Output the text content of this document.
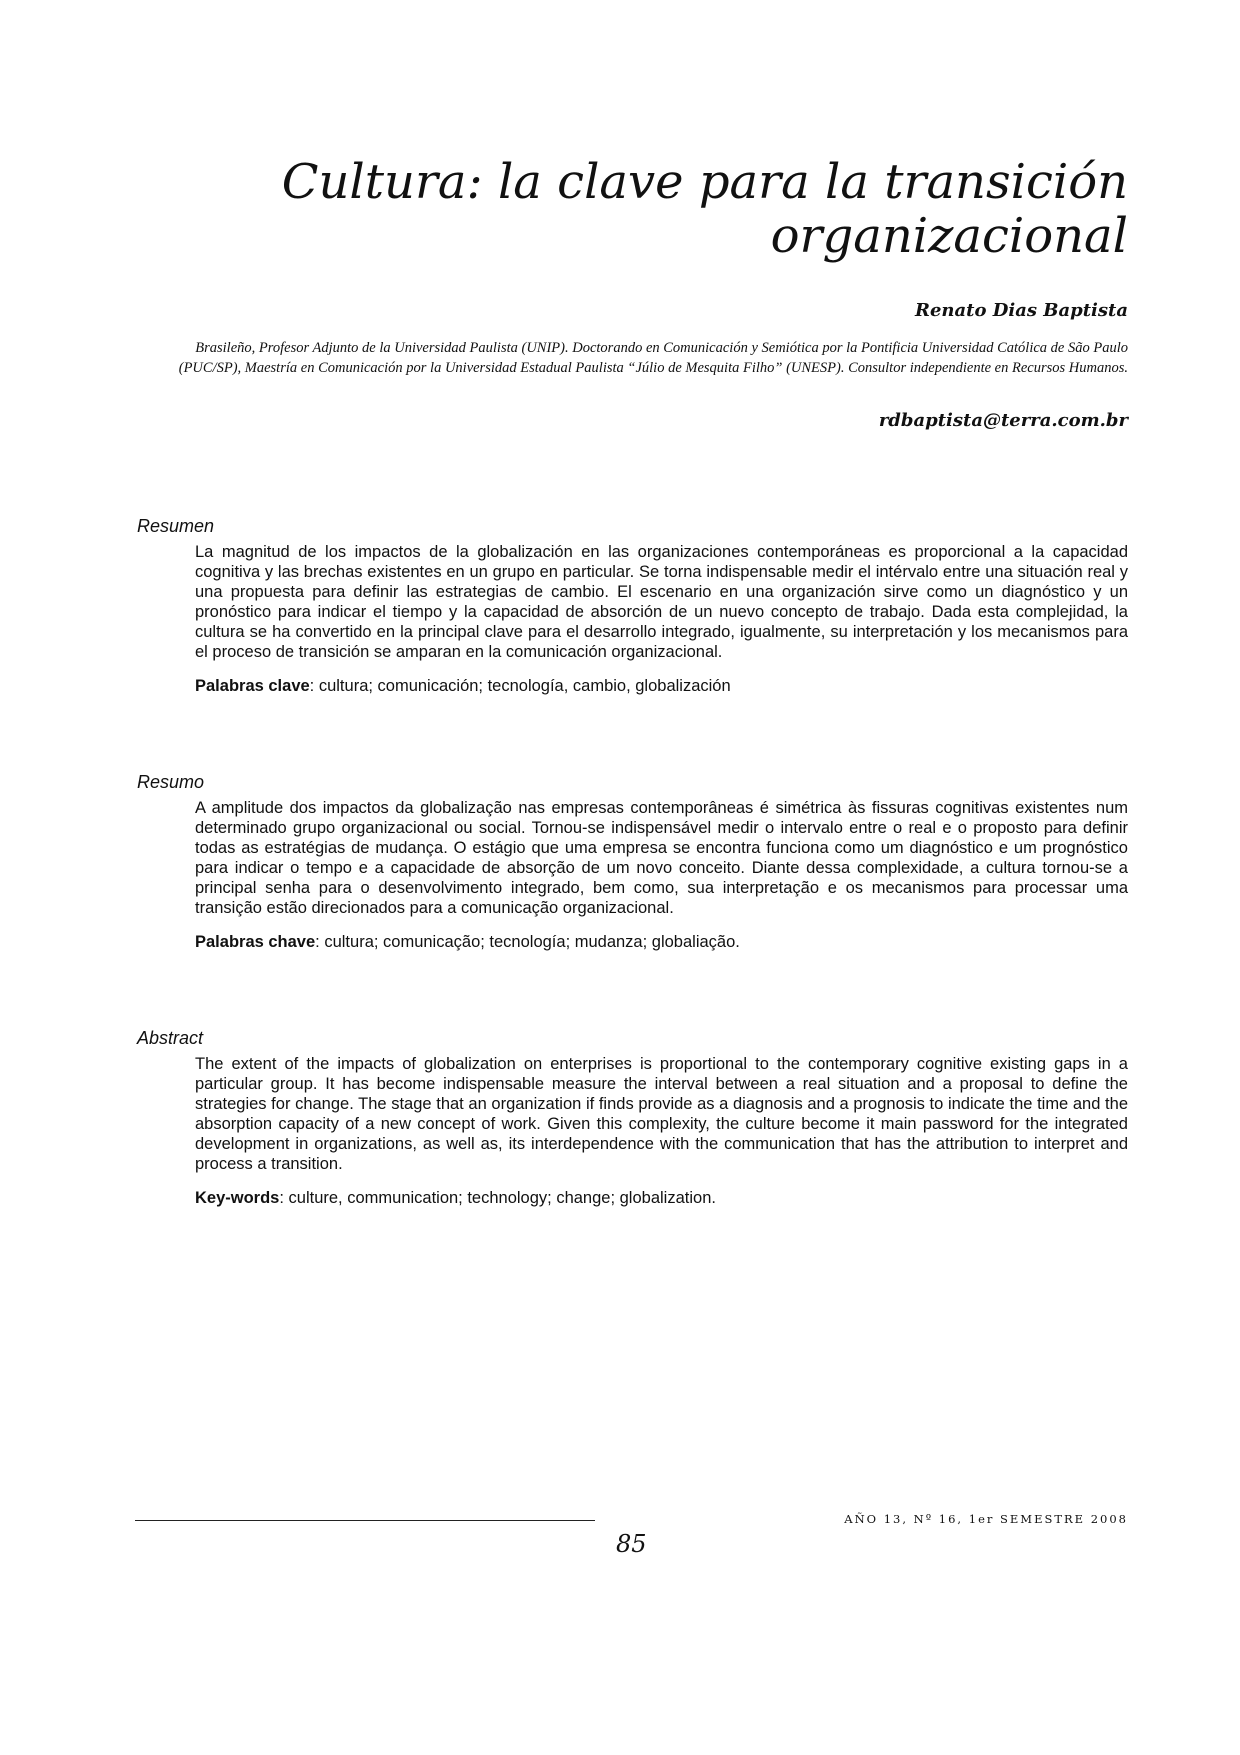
Cultura: la clave para la transición
organizacional
Renato Dias Baptista
Brasileño, Profesor Adjunto de la Universidad Paulista (UNIP). Doctorando en Comunicación y Semiótica por la Pontificia Universidad Católica de São Paulo (PUC/SP), Maestría en Comunicación por la Universidad Estadual Paulista “Júlio de Mesquita Filho” (UNESP). Consultor independiente en Recursos Humanos.
rdbaptista@terra.com.br
Resumen

La magnitud de los impactos de la globalización en las organizaciones contemporáneas es proporcional a la capacidad cognitiva y las brechas existentes en un grupo en particular. Se torna indispensable medir el intérvalo entre una situación real y una propuesta para definir las estrategias de cambio. El escenario en una organización sirve como un diagnóstico y un pronóstico para indicar el tiempo y la capacidad de absorción de un nuevo concepto de trabajo. Dada esta complejidad, la cultura se ha convertido en la principal clave para el desarrollo integrado, igualmente, su interpretación y los mecanismos para el proceso de transición se amparan en la comunicación organizacional.

Palabras clave: cultura; comunicación; tecnología, cambio, globalización

Resumo

A amplitude dos impactos da globalização nas empresas contemporâneas é simétrica às fissuras cognitivas existentes num determinado grupo organizacional ou social. Tornou-se indispensável medir o intervalo entre o real e o proposto para definir todas as estratégias de mudança. O estágio que uma empresa se encontra funciona como um diagnóstico e um prognóstico para indicar o tempo e a capacidade de absorção de um novo conceito. Diante dessa complexidade, a cultura tornou-se a principal senha para o desenvolvimento integrado, bem como, sua interpretação e os mecanismos para processar uma transição estão direcionados para a comunicação organizacional.

Palabras chave: cultura; comunicação; tecnología; mudanza; globaliação.

Abstract

The extent of the impacts of globalization on enterprises is proportional to the contemporary cognitive existing gaps in a particular group. It has become indispensable measure the interval between a real situation and a proposal to define the strategies for change. The stage that an organization if finds provide as a diagnosis and a prognosis to indicate the time and the absorption capacity of a new concept of work. Given this complexity, the culture become it main password for the integrated development in organizations, as well as, its interdependence with the communication that has the attribution to interpret and process a transition.

Key-words: culture, communication; technology; change; globalization.

AÑO 13, Nº 16, 1er SEMESTRE 2008
85
